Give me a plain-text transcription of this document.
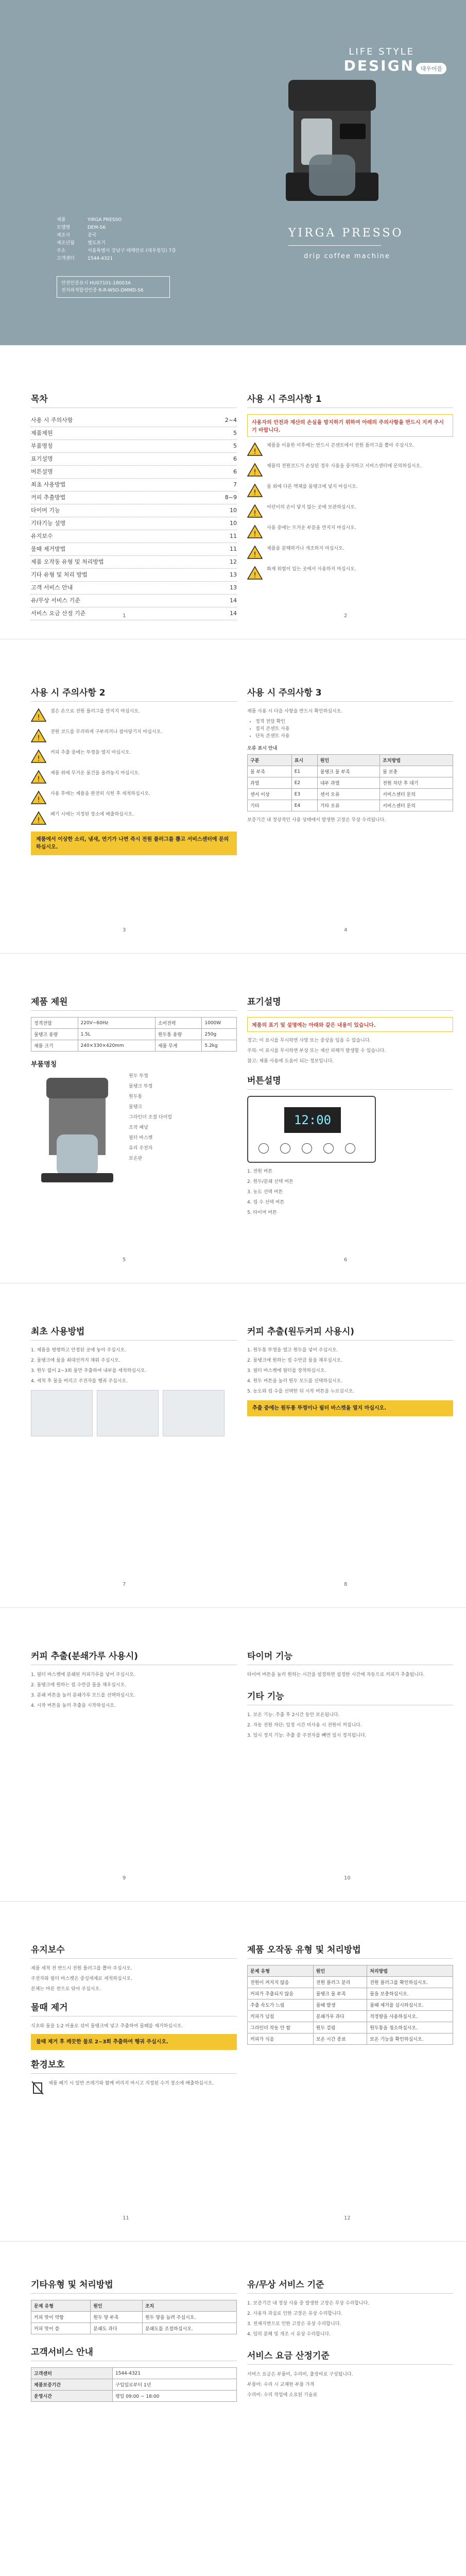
LIFE STYLE
DESIGN	대우어플
YIRGA PRESSO
drip coffee machine
제품	YIRGA PRESSO
모델명	DEM-S6
제조사	중국
제조년월	별도표기
주소	서울특별시 강남구 테헤란로 (대우빌딩) 7층
고객센터	1544-4321
안전인증표시 HU07101-18003A
전자파적합성인증 R-R-WSO-DMMD-S6
목차
사용 시 주의사항	2~4
제품제원	5
부품명칭	5
표기설명	6
버튼설명	6
최초 사용방법	7
커피 추출방법	8~9
타이머 기능	10
기타기능 설명	10
유지보수	11
물때 제거방법	11
제품 오작동 유형 및 처리방법	12
기타 유형 및 처리 방법	13
고객 서비스 안내	13
유/무상 서비스 기준	14
서비스 요금 산정 기준	14
1
사용 시 주의사항 1
사용자의 안전과 재산의 손실을 방지하기 위하여 아래의 주의사항을 반드시 지켜 주시기 바랍니다.
!
제품을 이용한 이후에는 반드시 콘센트에서 전원 플러그를 뽑아 주십시오.
!
제품의 전원코드가 손상된 경우 사용을 중지하고 서비스센터에 문의하십시오.
!
물 외에 다른 액체를 물탱크에 넣지 마십시오.
!
어린이의 손이 닿지 않는 곳에 보관하십시오.
!
사용 중에는 뜨거운 부분을 만지지 마십시오.
!
제품을 분해하거나 개조하지 마십시오.
!
화재 위험이 있는 곳에서 사용하지 마십시오.
2
사용 시 주의사항 2
!
젖은 손으로 전원 플러그를 만지지 마십시오.
!
전원 코드를 무리하게 구부리거나 잡아당기지 마십시오.
!
커피 추출 중에는 뚜껑을 열지 마십시오.
!
제품 위에 무거운 물건을 올려놓지 마십시오.
!
사용 후에는 제품을 완전히 식힌 후 세척하십시오.
!
폐기 시에는 지정된 장소에 배출하십시오.
제품에서 이상한 소리, 냄새, 연기가 나면 즉시 전원 플러그를 뽑고 서비스센터에 문의하십시오.
3
사용 시 주의사항 3
제품 사용 시 다음 사항을 반드시 확인하십시오.
• 정격 전압 확인
• 접지 콘센트 사용
• 단독 콘센트 사용
오류 표시 안내
구분	표시	원인	조치방법
물 부족	E1	물탱크 물 부족	물 보충
과열	E2	내부 과열	전원 차단 후 대기
센서 이상	E3	센서 오류	서비스센터 문의
기타	E4	기타 오류	서비스센터 문의
보증기간 내 정상적인 사용 상태에서 발생한 고장은 무상 수리됩니다.
4
제품 제원
정격전압	220V~60Hz	소비전력	1000W
물탱크 용량	1.5L	원두통 용량	250g
제품 크기	240×330×420mm	제품 무게	5.2kg
부품명칭
원두 뚜껑
물탱크 뚜껑
원두통
물탱크
그라인더 조절 다이얼
조작 패널
필터 바스켓
유리 주전자
보온판
5
표기설명
제품의 표기 및 설명에는 아래와 같은 내용이 있습니다.
경고: 이 표시를 무시하면 사망 또는 중상을 입을 수 있습니다.
주의: 이 표시를 무시하면 부상 또는 재산 피해가 발생할 수 있습니다.
참고: 제품 사용에 도움이 되는 정보입니다.
버튼설명
12:00
1. 전원 버튼
2. 원두/분쇄 선택 버튼
3. 농도 선택 버튼
4. 컵 수 선택 버튼
5. 타이머 버튼
6
최초 사용방법
1. 제품을 평평하고 안정된 곳에 놓아 주십시오.
2. 물탱크에 물을 최대선까지 채워 주십시오.
3. 원두 없이 2~3회 물만 추출하여 내부를 세척하십시오.
4. 세척 후 물을 버리고 주전자를 헹궈 주십시오.
7
커피 추출(원두커피 사용시)
1. 원두통 뚜껑을 열고 원두를 넣어 주십시오.
2. 물탱크에 원하는 컵 수만큼 물을 채우십시오.
3. 필터 바스켓에 필터를 장착하십시오.
4. 원두 버튼을 눌러 원두 모드를 선택하십시오.
5. 농도와 컵 수를 선택한 뒤 시작 버튼을 누르십시오.
추출 중에는 원두통 뚜껑이나 필터 바스켓을 열지 마십시오.
8
커피 추출(분쇄가루 사용시)
1. 필터 바스켓에 분쇄된 커피가루를 넣어 주십시오.
2. 물탱크에 원하는 컵 수만큼 물을 채우십시오.
3. 분쇄 버튼을 눌러 분쇄가루 모드를 선택하십시오.
4. 시작 버튼을 눌러 추출을 시작하십시오.
9
타이머 기능
타이머 버튼을 눌러 원하는 시간을 설정하면 설정한 시간에 자동으로 커피가 추출됩니다.
기타 기능
1. 보온 기능: 추출 후 2시간 동안 보온됩니다.
2. 자동 전원 차단: 일정 시간 미사용 시 전원이 꺼집니다.
3. 일시 정지 기능: 추출 중 주전자를 빼면 일시 정지됩니다.
10
유지보수
제품 세척 전 반드시 전원 플러그를 뽑아 주십시오.
주전자와 필터 바스켓은 중성세제로 세척하십시오.
본체는 마른 천으로 닦아 주십시오.
물때 제거
식초와 물을 1:2 비율로 섞어 물탱크에 넣고 추출하여 물때를 제거하십시오.
물때 제거 후 깨끗한 물로 2~3회 추출하여 헹궈 주십시오.
환경보호
제품 폐기 시 일반 쓰레기와 함께 버리지 마시고 지정된 수거 장소에 배출하십시오.
11
제품 오작동 유형 및 처리방법
문제 유형	원인	처리방법
전원이 켜지지 않음	전원 플러그 분리	전원 플러그를 확인하십시오.
커피가 추출되지 않음	물탱크 물 부족	물을 보충하십시오.
추출 속도가 느림	물때 발생	물때 제거를 실시하십시오.
커피가 넘침	분쇄가루 과다	적정량을 사용하십시오.
그라인더 작동 안 함	원두 걸림	원두통을 청소하십시오.
커피가 식음	보온 시간 종료	보온 기능을 확인하십시오.
12
기타유형 및 처리방법
문제 유형	원인	조치
커피 맛이 약함	원두 양 부족	원두 양을 늘려 주십시오.
커피 맛이 씀	분쇄도 과다	분쇄도를 조절하십시오.
고객서비스 안내
고객센터	1544-4321
제품보증기간	구입일로부터 1년
운영시간	평일 09:00 ~ 18:00
유/무상 서비스 기준
1. 보증기간 내 정상 사용 중 발생한 고장은 무상 수리합니다.
2. 사용자 과실로 인한 고장은 유상 수리합니다.
3. 천재지변으로 인한 고장은 유상 수리합니다.
4. 임의 분해 및 개조 시 유상 수리합니다.
서비스 요금 산정기준
서비스 요금은 부품비, 수리비, 출장비로 구성됩니다.
부품비: 수리 시 교체한 부품 가격
수리비: 수리 작업에 소요된 기술료
